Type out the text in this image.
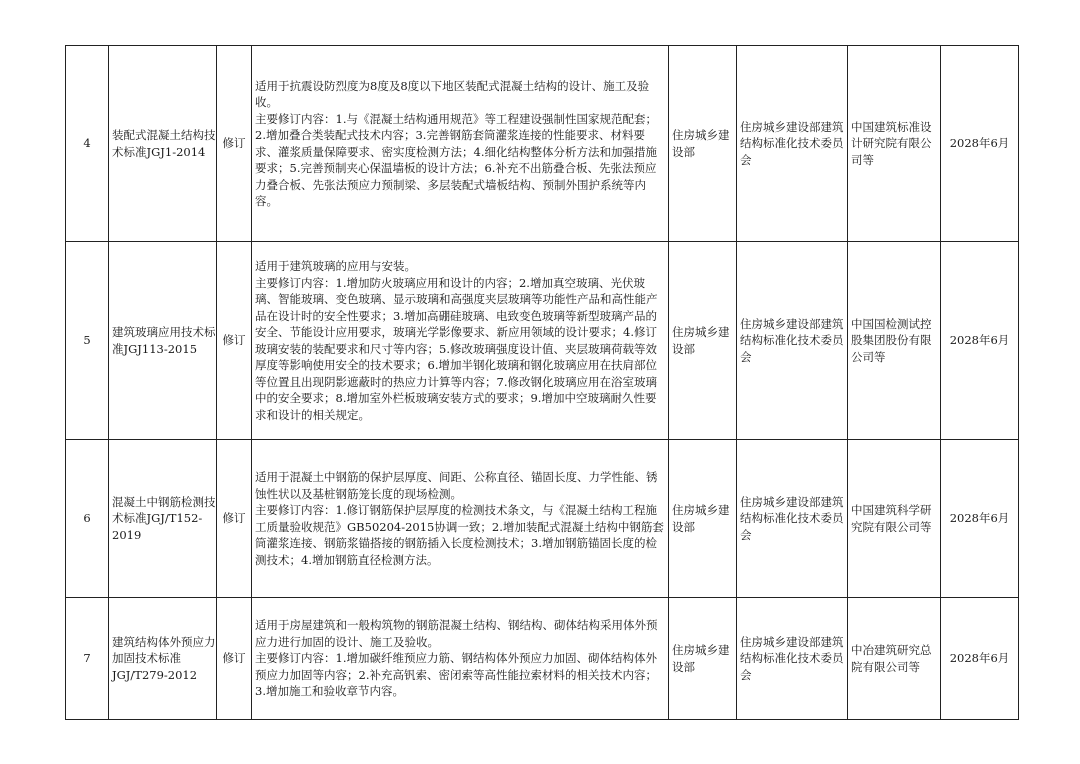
4	装配式混凝土结构技术标准JGJ1-2014	修订	适用于抗震设防烈度为8度及8度以下地区装配式混凝土结构的设计、施工及验收。
主要修订内容：1.与《混凝土结构通用规范》等工程建设强制性国家规范配套；2.增加叠合类装配式技术内容；3.完善钢筋套筒灌浆连接的性能要求、材料要求、灌浆质量保障要求、密实度检测方法；4.细化结构整体分析方法和加强措施要求；5.完善预制夹心保温墙板的设计方法；6.补充不出筋叠合板、先张法预应力叠合板、先张法预应力预制梁、多层装配式墙板结构、预制外围护系统等内容。	住房城乡建设部	住房城乡建设部建筑结构标准化技术委员会	中国建筑标准设计研究院有限公司等	2028年6月
5	建筑玻璃应用技术标准JGJ113-2015	修订	适用于建筑玻璃的应用与安装。
主要修订内容：1.增加防火玻璃应用和设计的内容；2.增加真空玻璃、光伏玻璃、智能玻璃、变色玻璃、显示玻璃和高强度夹层玻璃等功能性产品和高性能产品在设计时的安全性要求；3.增加高硼硅玻璃、电致变色玻璃等新型玻璃产品的安全、节能设计应用要求，玻璃光学影像要求、新应用领域的设计要求；4.修订玻璃安装的装配要求和尺寸等内容；5.修改玻璃强度设计值、夹层玻璃荷载等效厚度等影响使用安全的技术要求；6.增加半钢化玻璃和钢化玻璃应用在扶肩部位等位置且出现阴影遮蔽时的热应力计算等内容；7.修改钢化玻璃应用在浴室玻璃中的安全要求；8.增加室外栏板玻璃安装方式的要求；9.增加中空玻璃耐久性要求和设计的相关规定。	住房城乡建设部	住房城乡建设部建筑结构标准化技术委员会	中国国检测试控股集团股份有限公司等	2028年6月
6	混凝土中钢筋检测技术标准JGJ/T152-2019	修订	适用于混凝土中钢筋的保护层厚度、间距、公称直径、锚固长度、力学性能、锈蚀性状以及基桩钢筋笼长度的现场检测。
主要修订内容：1.修订钢筋保护层厚度的检测技术条文，与《混凝土结构工程施工质量验收规范》GB50204-2015协调一致；2.增加装配式混凝土结构中钢筋套筒灌浆连接、钢筋浆锚搭接的钢筋插入长度检测技术；3.增加钢筋锚固长度的检测技术；4.增加钢筋直径检测方法。	住房城乡建设部	住房城乡建设部建筑结构标准化技术委员会	中国建筑科学研究院有限公司等	2028年6月
7	建筑结构体外预应力加固技术标准JGJ/T279-2012	修订	适用于房屋建筑和一般构筑物的钢筋混凝土结构、钢结构、砌体结构采用体外预应力进行加固的设计、施工及验收。
主要修订内容：1.增加碳纤维预应力筋、钢结构体外预应力加固、砌体结构体外预应力加固等内容；2.补充高钒索、密闭索等高性能拉索材料的相关技术内容；3.增加施工和验收章节内容。	住房城乡建设部	住房城乡建设部建筑结构标准化技术委员会	中冶建筑研究总院有限公司等	2028年6月
